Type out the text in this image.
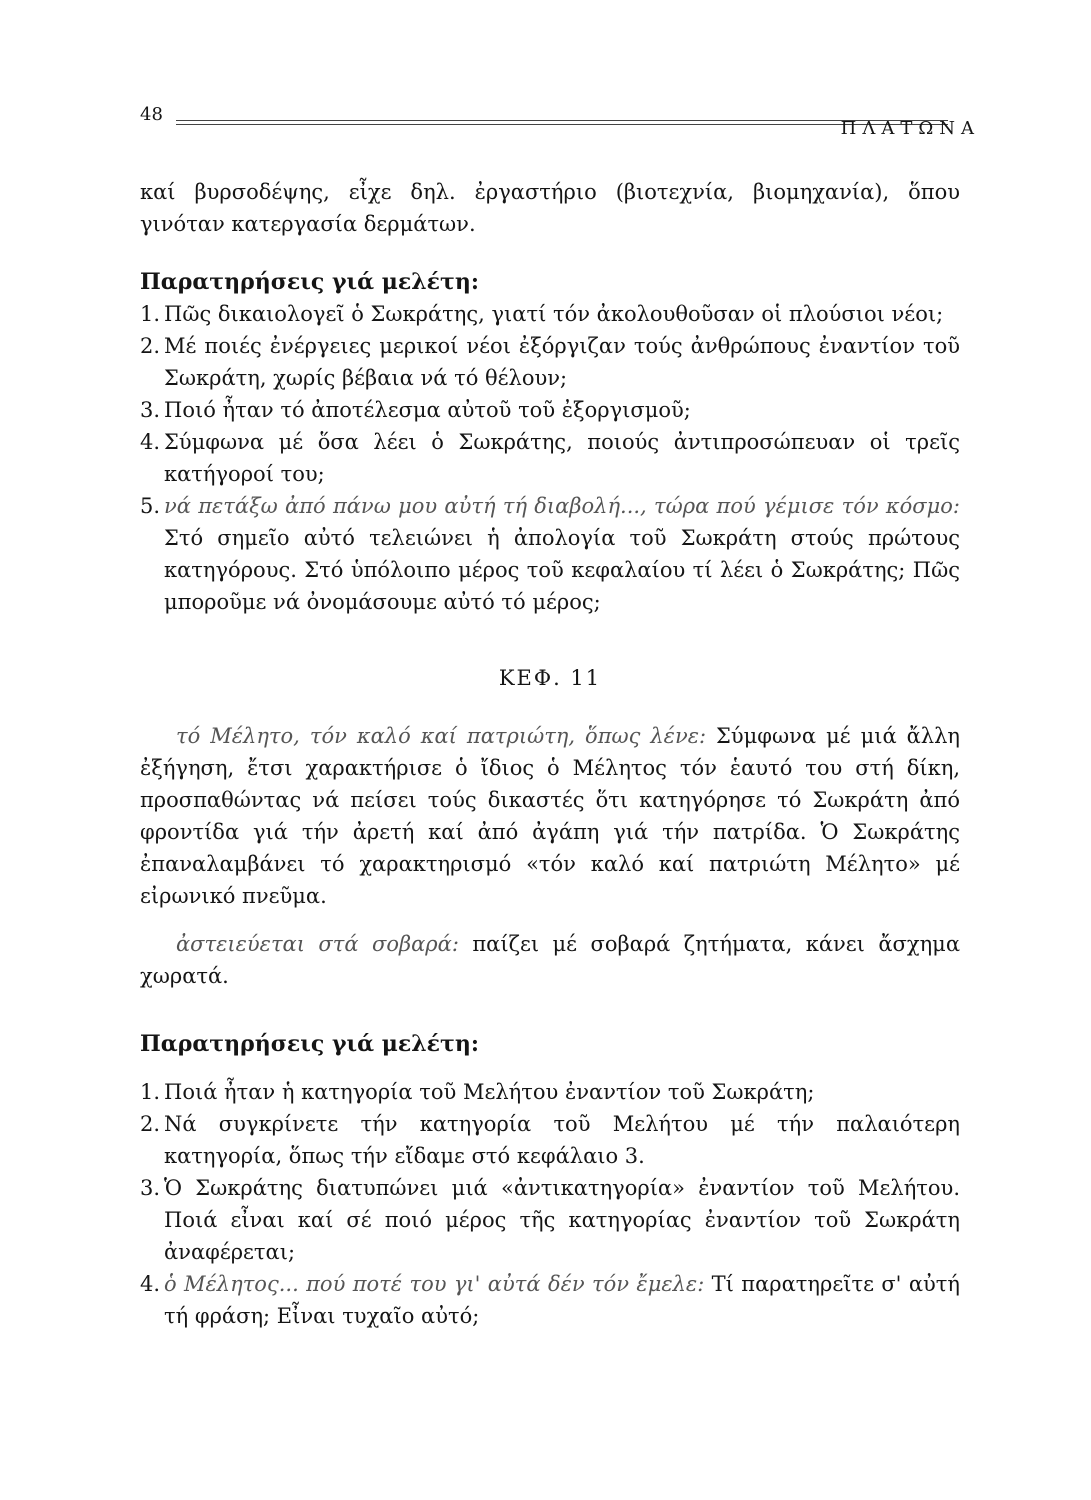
48
ΠΛΑΤΩΝΑ

καί βυρσοδέψης, εἶχε δηλ. ἐργαστήριο (βιοτεχνία, βιομηχανία), ὅπου γινόταν κατεργασία δερμάτων.

Παρατηρήσεις γιά μελέτη:

1. Πῶς δικαιολογεῖ ὁ Σωκράτης, γιατί τόν ἀκολουθοῦσαν οἱ πλούσιοι νέοι;
2. Μέ ποιές ἐνέργειες μερικοί νέοι ἐξόργιζαν τούς ἀνθρώπους ἐναντίον τοῦ Σωκράτη, χωρίς βέβαια νά τό θέλουν;
3. Ποιό ἦταν τό ἀποτέλεσμα αὐτοῦ τοῦ ἐξοργισμοῦ;
4. Σύμφωνα μέ ὅσα λέει ὁ Σωκράτης, ποιούς ἀντιπροσώπευαν οἱ τρεῖς κατήγοροί του;
5. νά πετάξω ἀπό πάνω μου αὐτή τή διαβολή..., τώρα πού γέμισε τόν κόσμο: Στό σημεῖο αὐτό τελειώνει ἡ ἀπολογία τοῦ Σωκράτη στούς πρώτους κατηγόρους. Στό ὑπόλοιπο μέρος τοῦ κεφαλαίου τί λέει ὁ Σωκράτης; Πῶς μποροῦμε νά ὀνομάσουμε αὐτό τό μέρος;

ΚΕΦ. 11

τό Μέλητο, τόν καλό καί πατριώτη, ὅπως λένε: Σύμφωνα μέ μιά ἄλλη ἐξήγηση, ἔτσι χαρακτήρισε ὁ ἴδιος ὁ Μέλητος τόν ἑαυτό του στή δίκη, προσπαθώντας νά πείσει τούς δικαστές ὅτι κατηγόρησε τό Σωκράτη ἀπό φροντίδα γιά τήν ἀρετή καί ἀπό ἀγάπη γιά τήν πατρίδα. Ὁ Σωκράτης ἐπαναλαμβάνει τό χαρακτηρισμό «τόν καλό καί πατριώτη Μέλητο» μέ εἰρωνικό πνεῦμα.

ἀστειεύεται στά σοβαρά: παίζει μέ σοβαρά ζητήματα, κάνει ἄσχημα χωρατά.

Παρατηρήσεις γιά μελέτη:

1. Ποιά ἦταν ἡ κατηγορία τοῦ Μελήτου ἐναντίον τοῦ Σωκράτη;
2. Νά συγκρίνετε τήν κατηγορία τοῦ Μελήτου μέ τήν παλαιότερη κατηγορία, ὅπως τήν εἴδαμε στό κεφάλαιο 3.
3. Ὁ Σωκράτης διατυπώνει μιά «ἀντικατηγορία» ἐναντίον τοῦ Μελήτου. Ποιά εἶναι καί σέ ποιό μέρος τῆς κατηγορίας ἐναντίον τοῦ Σωκράτη ἀναφέρεται;
4. ὁ Μέλητος... πού ποτέ του γι' αὐτά δέν τόν ἔμελε: Τί παρατηρεῖτε σ' αὐτή τή φράση; Εἶναι τυχαῖο αὐτό;
